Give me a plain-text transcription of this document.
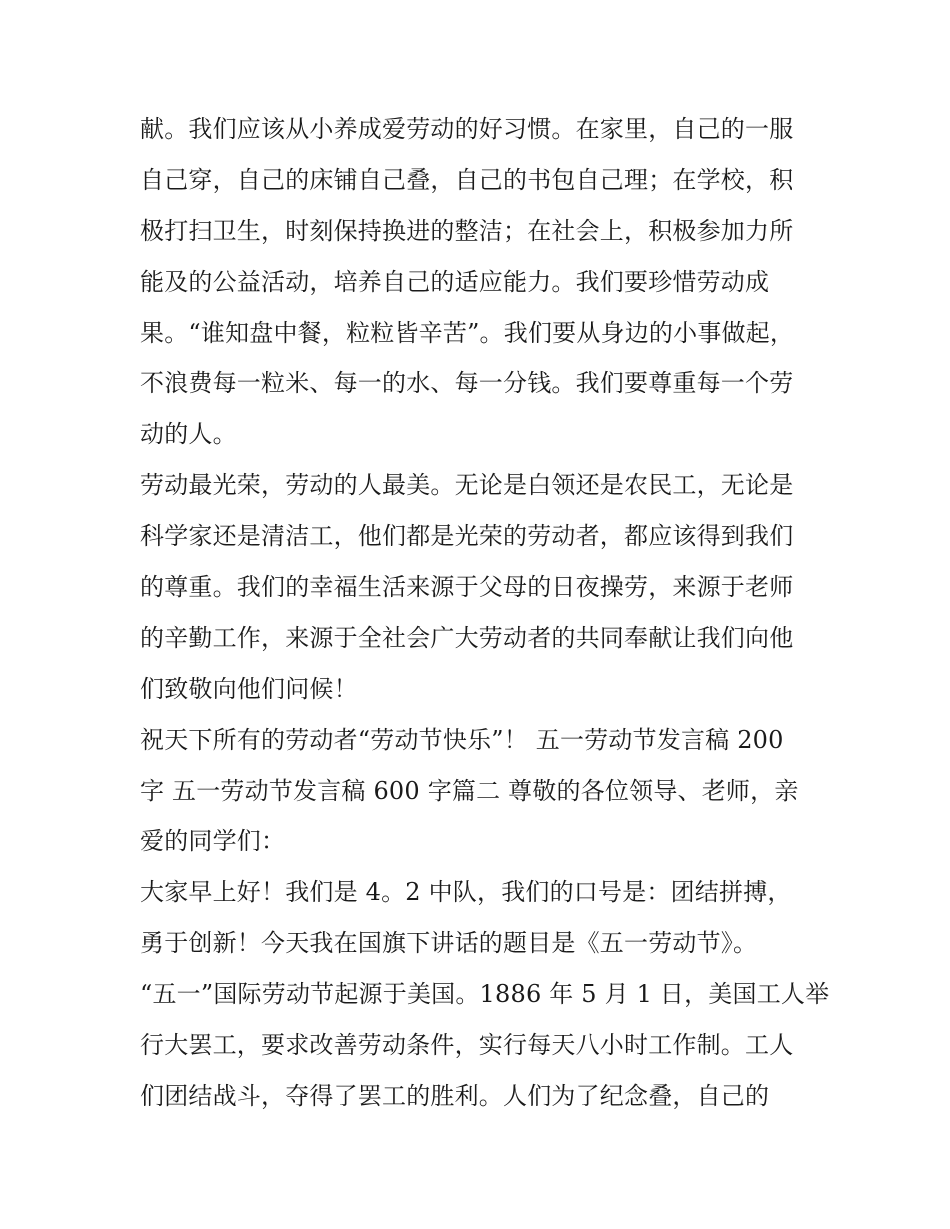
献。我们应该从小养成爱劳动的好习惯。在家里，自己的一服
自己穿，自己的床铺自己叠，自己的书包自己理；在学校，积
极打扫卫生，时刻保持换进的整洁；在社会上，积极参加力所
能及的公益活动，培养自己的适应能力。我们要珍惜劳动成
果。“谁知盘中餐，粒粒皆辛苦”。我们要从身边的小事做起，
不浪费每一粒米、每一的水、每一分钱。我们要尊重每一个劳
动的人。
劳动最光荣，劳动的人最美。无论是白领还是农民工，无论是
科学家还是清洁工，他们都是光荣的劳动者，都应该得到我们
的尊重。我们的幸福生活来源于父母的日夜操劳，来源于老师
的辛勤工作，来源于全社会广大劳动者的共同奉献让我们向他
们致敬向他们问候！
祝天下所有的劳动者“劳动节快乐”！ 五一劳动节发言稿 200
字 五一劳动节发言稿 600 字篇二 尊敬的各位领导、老师，亲
爱的同学们：
大家早上好！我们是 4。2 中队，我们的口号是：团结拼搏，
勇于创新！今天我在国旗下讲话的题目是《五一劳动节》。
“五一”国际劳动节起源于美国。1886 年 5 月 1 日，美国工人举
行大罢工，要求改善劳动条件，实行每天八小时工作制。工人
们团结战斗，夺得了罢工的胜利。人们为了纪念叠，自己的
